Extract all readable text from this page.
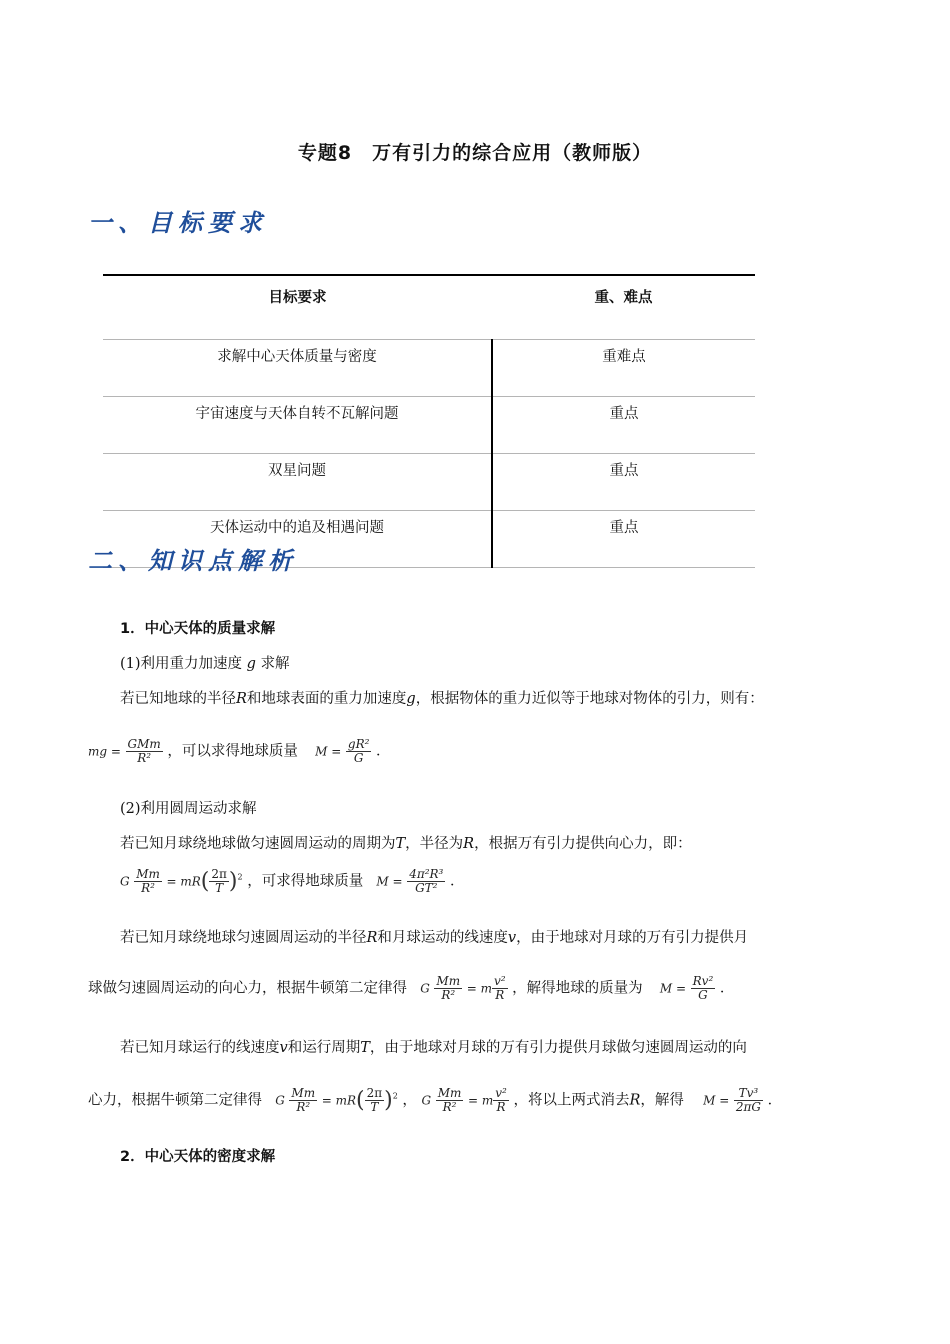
专题8　万有引力的综合应用（教师版）
一、目标要求
目标要求	重、难点
求解中心天体质量与密度	重难点
宇宙速度与天体自转不瓦解问题	重点
双星问题	重点
天体运动中的追及相遇问题	重点
二、知识点解析
1．中心天体的质量求解
(1)利用重力加速度 g 求解
若已知地球的半径R和地球表面的重力加速度g，根据物体的重力近似等于地球对物体的引力，则有：
mg =
GMm
R²	，可以求得地球质量 $M = \frac{\text{gR²}}{G}$ ．
(2)利用圆周运动求解
若已知月球绕地球做匀速圆周运动的周期为T，半径为R，根据万有引力提供向心力，即：
G $\frac{Mm}{\text{R²}} = mR( \frac{2\pi}{T} )^2$ ，可求得地球质量 $M = \frac{\text{4π²R³}}{\text{GT²}}$ ．
若已知月球绕地球匀速圆周运动的半径R和月球运动的线速度v，由于地球对月球的万有引力提供月
球做匀速圆周运动的向心力，根据牛顿第二定律得 G $\frac{Mm}{\text{R²}} = m \frac{\text{v²}}{R}$ ，解得地球的质量为 $M = \frac{\text{Rv²}}{G}$ ．
若已知月球运行的线速度v和运行周期T，由于地球对月球的万有引力提供月球做匀速圆周运动的向
心力，根据牛顿第二定律得 G $\frac{Mm}{\text{R²}} = mR( \frac{2\pi}{T} )^2$ ， G $\frac{Mm}{\text{R²}} = m \frac{\text{v²}}{R}$ ，将以上两式消去R，解得 $M = \frac{\text{Tv³}}{2\pi G}$ ．
2．中心天体的密度求解
